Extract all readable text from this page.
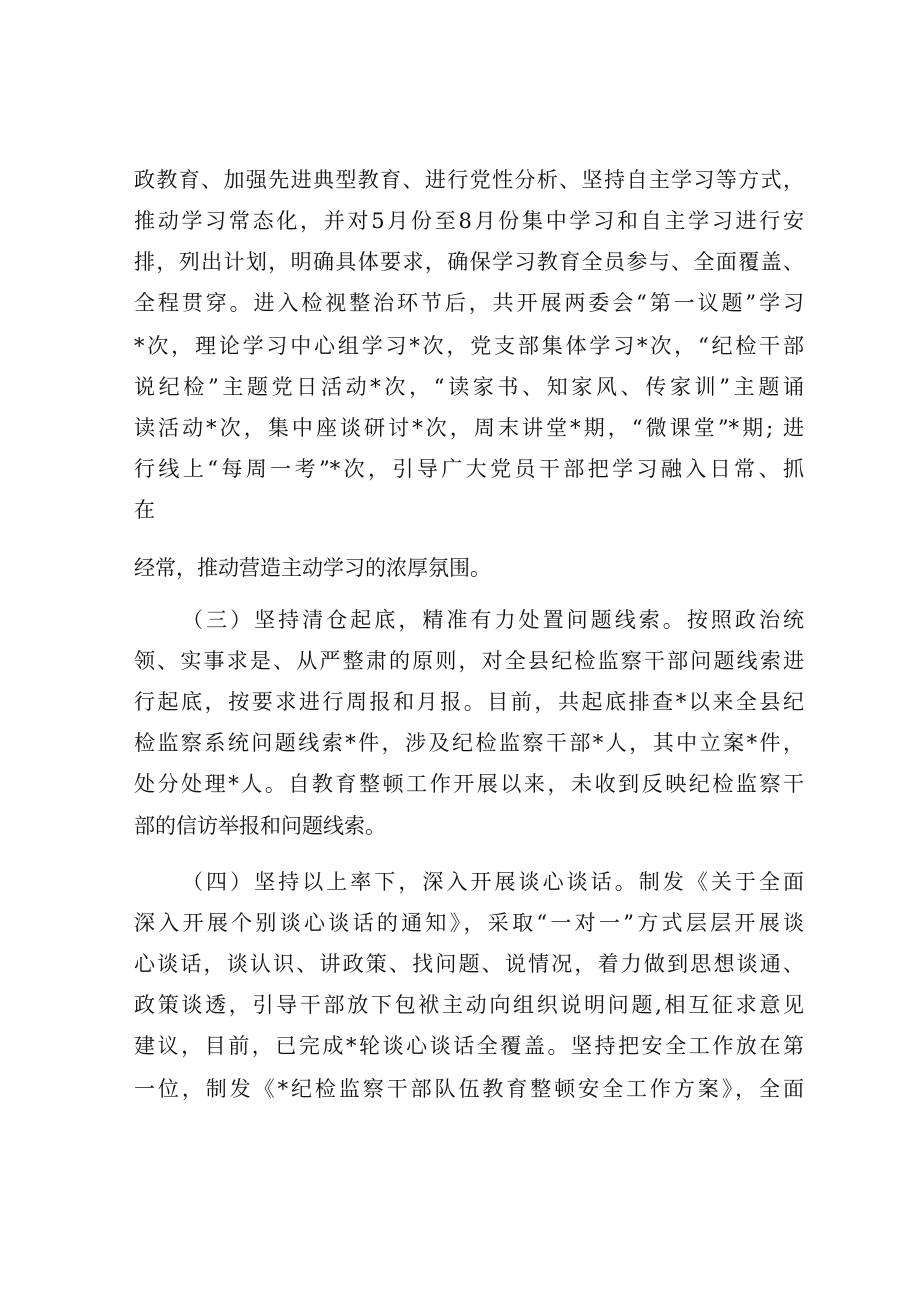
政教育、加强先进典型教育、进行党性分析、坚持自主学习等方式，
推动学习常态化，并对5月份至8月份集中学习和自主学习进行安
排，列出计划，明确具体要求，确保学习教育全员参与、全面覆盖、
全程贯穿。进入检视整治环节后，共开展两委会“第一议题”学习
*次，理论学习中心组学习*次，党支部集体学习*次，“纪检干部
说纪检”主题党日活动*次，“读家书、知家风、传家训”主题诵
读活动*次，集中座谈研讨*次，周末讲堂*期，“微课堂”*期; 进
行线上“每周一考”*次，引导广大党员干部把学习融入日常、抓
在
经常，推动营造主动学习的浓厚氛围。
（三）坚持清仓起底，精准有力处置问题线索。按照政治统
领、实事求是、从严整肃的原则，对全县纪检监察干部问题线索进
行起底，按要求进行周报和月报。目前，共起底排查*以来全县纪
检监察系统问题线索*件，涉及纪检监察干部*人，其中立案*件，
处分处理*人。自教育整顿工作开展以来，未收到反映纪检监察干
部的信访举报和问题线索。
（四）坚持以上率下，深入开展谈心谈话。制发《关于全面
深入开展个别谈心谈话的通知》，采取“一对一”方式层层开展谈
心谈话，谈认识、讲政策、找问题、说情况，着力做到思想谈通、
政策谈透，引导干部放下包袱主动向组织说明问题,相互征求意见
建议，目前，已完成*轮谈心谈话全覆盖。坚持把安全工作放在第
一位，制发《*纪检监察干部队伍教育整顿安全工作方案》，全面
